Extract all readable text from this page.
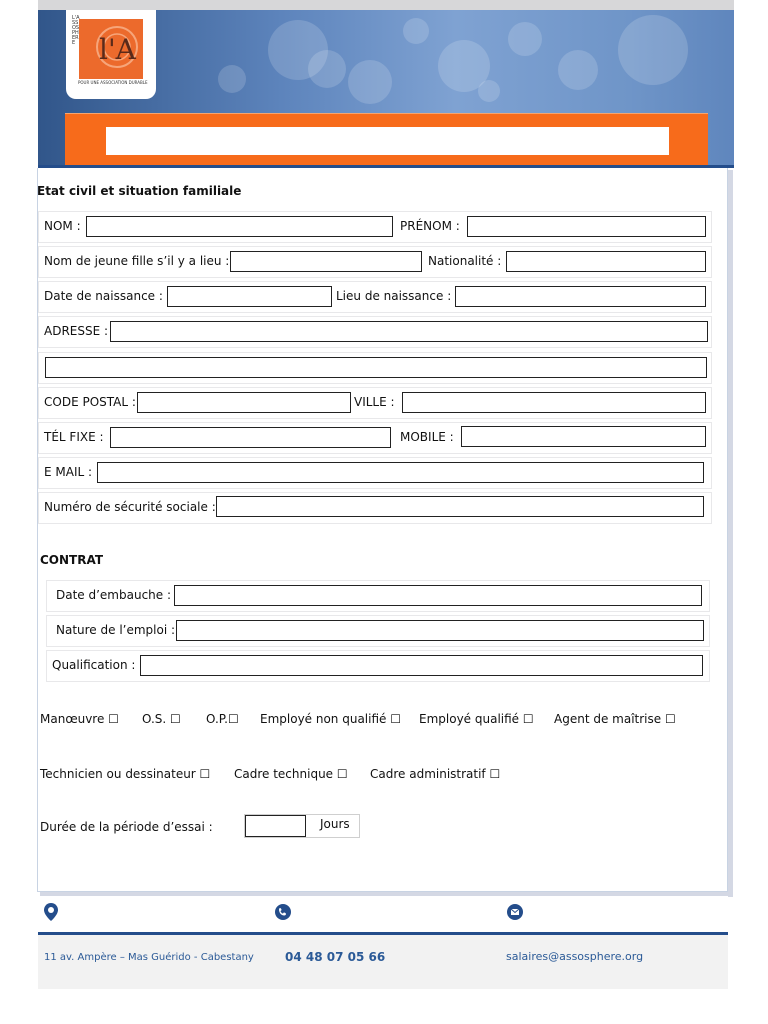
l'A
L'ASSOSPHERE
POUR UNE ASSOCIATION DURABLE
Etat civil et situation familiale
NOM :	PRÉNOM :
Nom de jeune fille s’il y a lieu :	Nationalité :
Date de naissance :	Lieu de naissance :
ADRESSE :
CODE POSTAL :	VILLE :
TÉL FIXE :	MOBILE :
E MAIL :
Numéro de sécurité sociale :
CONTRAT
Date d’embauche :
Nature de l’emploi :
Qualification :
Manœuvre ☐ O.S. ☐ O.P.☐ Employé non qualifié ☐ Employé qualifié ☐ Agent de maîtrise ☐
Technicien ou dessinateur ☐ Cadre technique ☐ Cadre administratif ☐
Durée de la période d’essai :	Jours
11 av. Ampère – Mas Guérido - Cabestany	04 48 07 05 66	salaires@assosphere.org
